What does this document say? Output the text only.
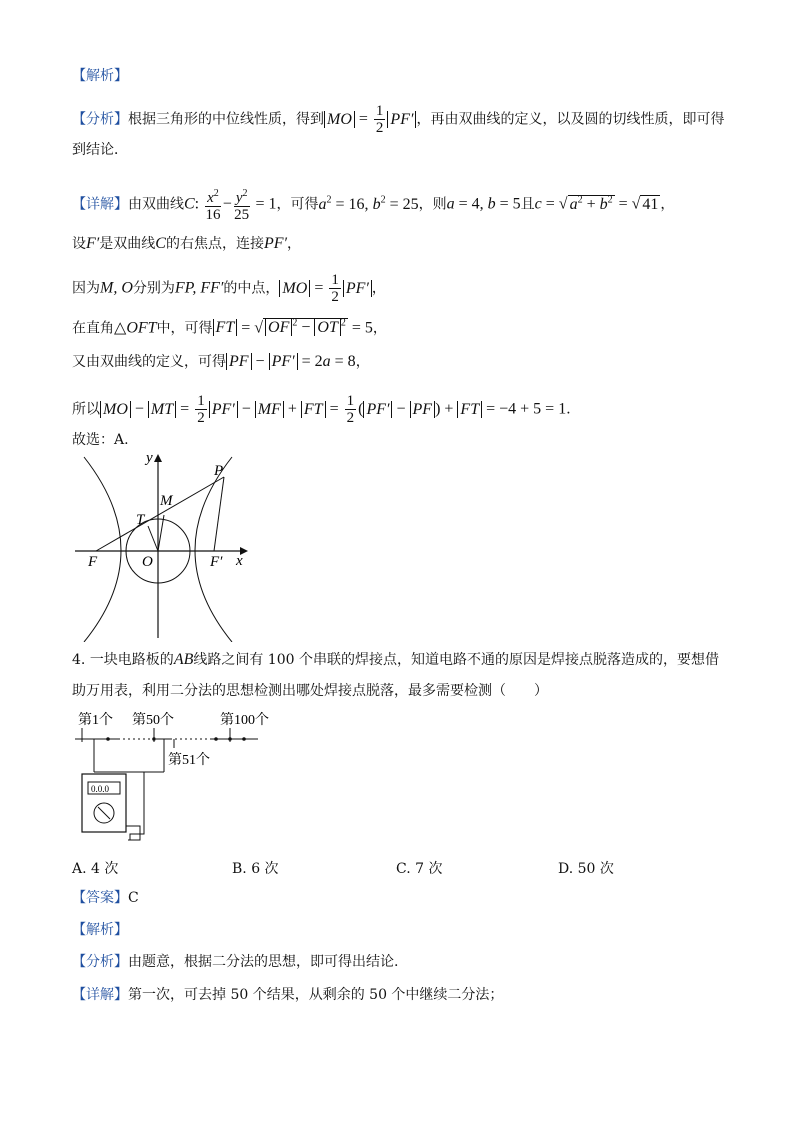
【解析】
【分析】根据三角形的中位线性质，得到 MO = $\frac{1}{2} PF'$ ，再由双曲线的定义，以及圆的切线性质，即可得
到结论．
【详解】由双曲线C: $\frac{x^2}{16} - \frac{y^2}{25} = 1$，可得$a^2 = 16$, $b^2 = 25$，则a = 4, b = 5且c = √ $a^2 + b^2$ = √ 41 ，
设F′是双曲线C的右焦点，连接PF′，
因为M, O分别为FP, FF′的中点， MO = $\frac{1}{2} PF'$ ，
在直角△OFT中，可得 FT = √ OF $^2$ − OT $^2$ = 5，
又由双曲线的定义，可得 PF − PF′ = 2a = 8，
所以 MO − MT = $\frac{1}{2} PF'$ − MF + FT = $\frac{1}{2}$ ( PF′ − PF ) + FT = −4 + 5 = 1．
故选：A.
y
x
P
M
T
F	O	F′
4. 一块电路板的AB线路之间有 100 个串联的焊接点，知道电路不通的原因是焊接点脱落造成的，要想借
助万用表，利用二分法的思想检测出哪处焊接点脱落，最多需要检测（　　）
第1个 第50个	第100个
第51个
0.0.0
A. 4 次	B. 6 次	C. 7 次	D. 50 次
【答案】C
【解析】
【分析】由题意，根据二分法的思想，即可得出结论.
【详解】第一次，可去掉 50 个结果，从剩余的 50 个中继续二分法；
